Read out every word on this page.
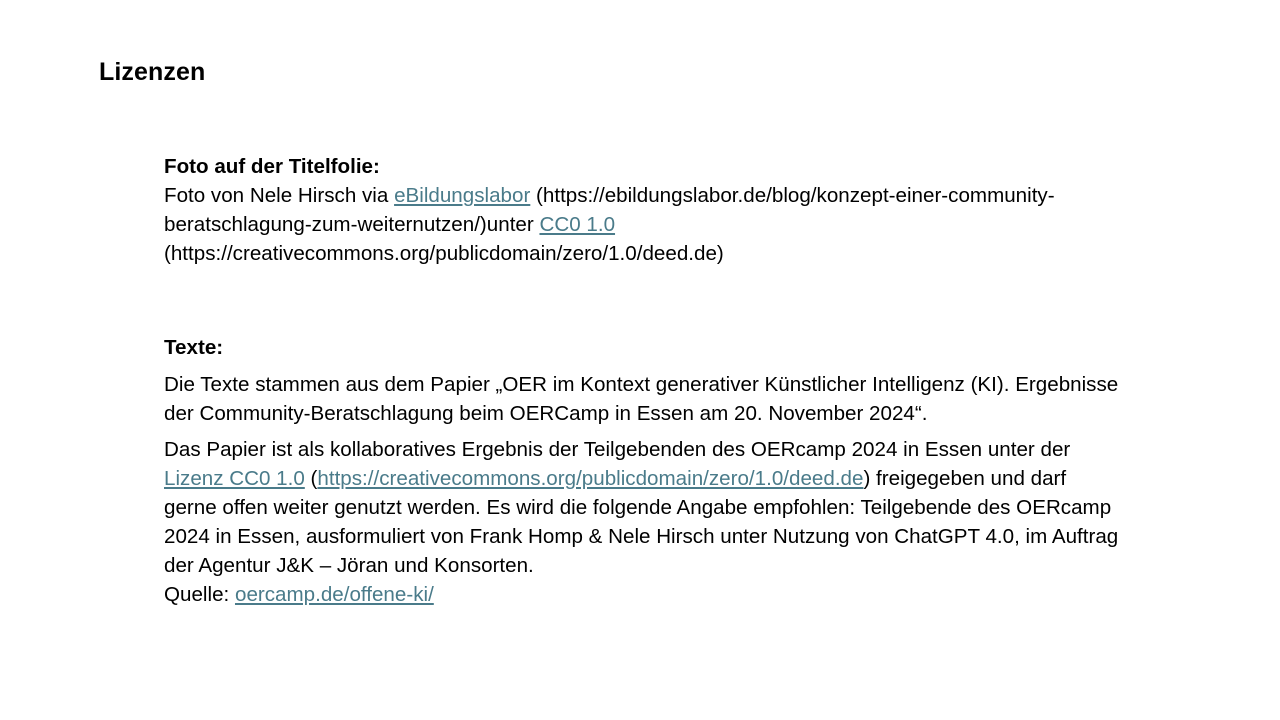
Lizenzen

Foto auf der Titelfolie:

Foto von Nele Hirsch via eBildungslabor (https://ebildungslabor.de/blog/konzept-einer-community-beratschlagung-zum-weiternutzen/)unter CC0 1.0 (https://creativecommons.org/publicdomain/zero/1.0/deed.de)

Texte:

Die Texte stammen aus dem Papier „OER im Kontext generativer Künstlicher Intelligenz (KI). Ergebnisse der Community-Beratschlagung beim OERCamp in Essen am 20. November 2024“.

Das Papier ist als kollaboratives Ergebnis der Teilgebenden des OERcamp 2024 in Essen unter der Lizenz CC0 1.0 (https://creativecommons.org/publicdomain/zero/1.0/deed.de) freigegeben und darf gerne offen weiter genutzt werden. Es wird die folgende Angabe empfohlen: Teilgebende des OERcamp 2024 in Essen, ausformuliert von Frank Homp & Nele Hirsch unter Nutzung von ChatGPT 4.0, im Auftrag der Agentur J&K – Jöran und Konsorten.

Quelle: oercamp.de/offene-ki/
